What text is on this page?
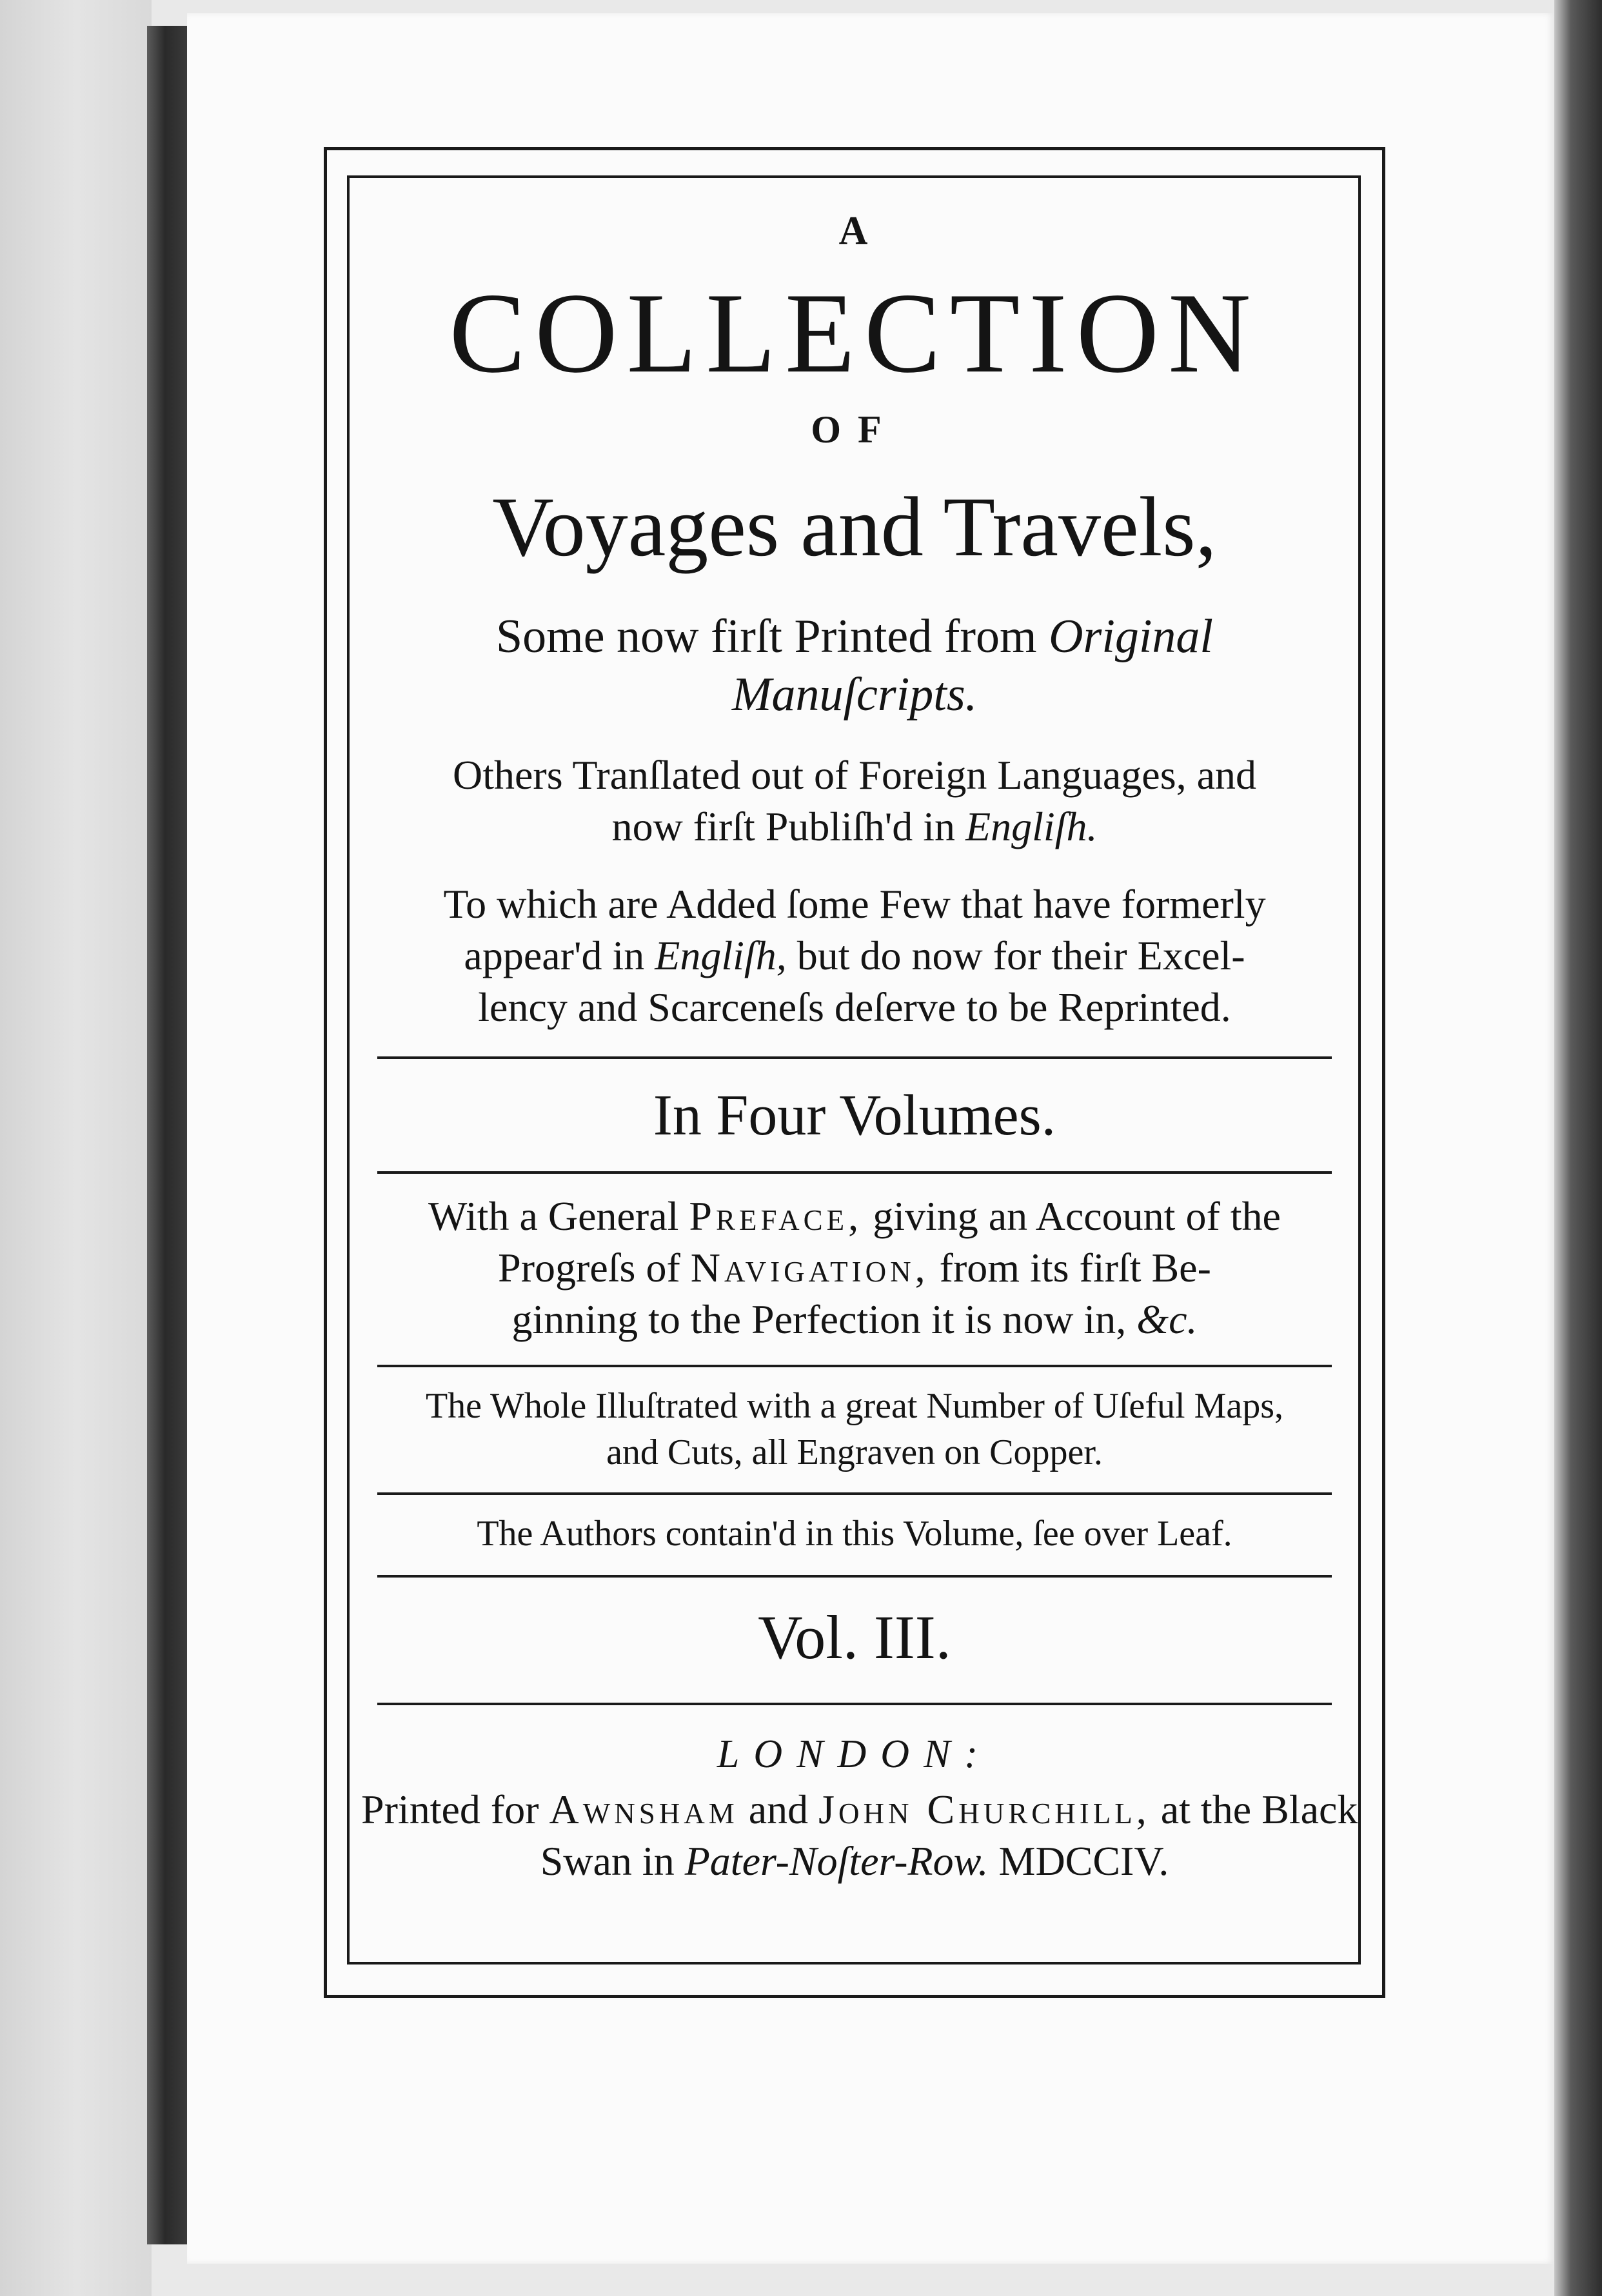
A
COLLECTION
OF
Voyages and Travels,
Some now firſt Printed from Original
Manuſcripts.
Others Tranſlated out of Foreign Languages, and
now firſt Publiſh'd in Engliſh.
To which are Added ſome Few that have formerly
appear'd in Engliſh, but do now for their Excel-
lency and Scarceneſs deſerve to be Reprinted.
In Four Volumes.
With a General Preface, giving an Account of the
Progreſs of Navigation, from its firſt Be-
ginning to the Perfection it is now in, &c.
The Whole Illuſtrated with a great Number of Uſeful Maps,
and Cuts, all Engraven on Copper.
The Authors contain'd in this Volume, ſee over Leaf.
Vol. III.
LONDON:
Printed for Awnsham and John Churchill, at the Black
Swan in Pater-Noſter-Row. MDCCIV.
